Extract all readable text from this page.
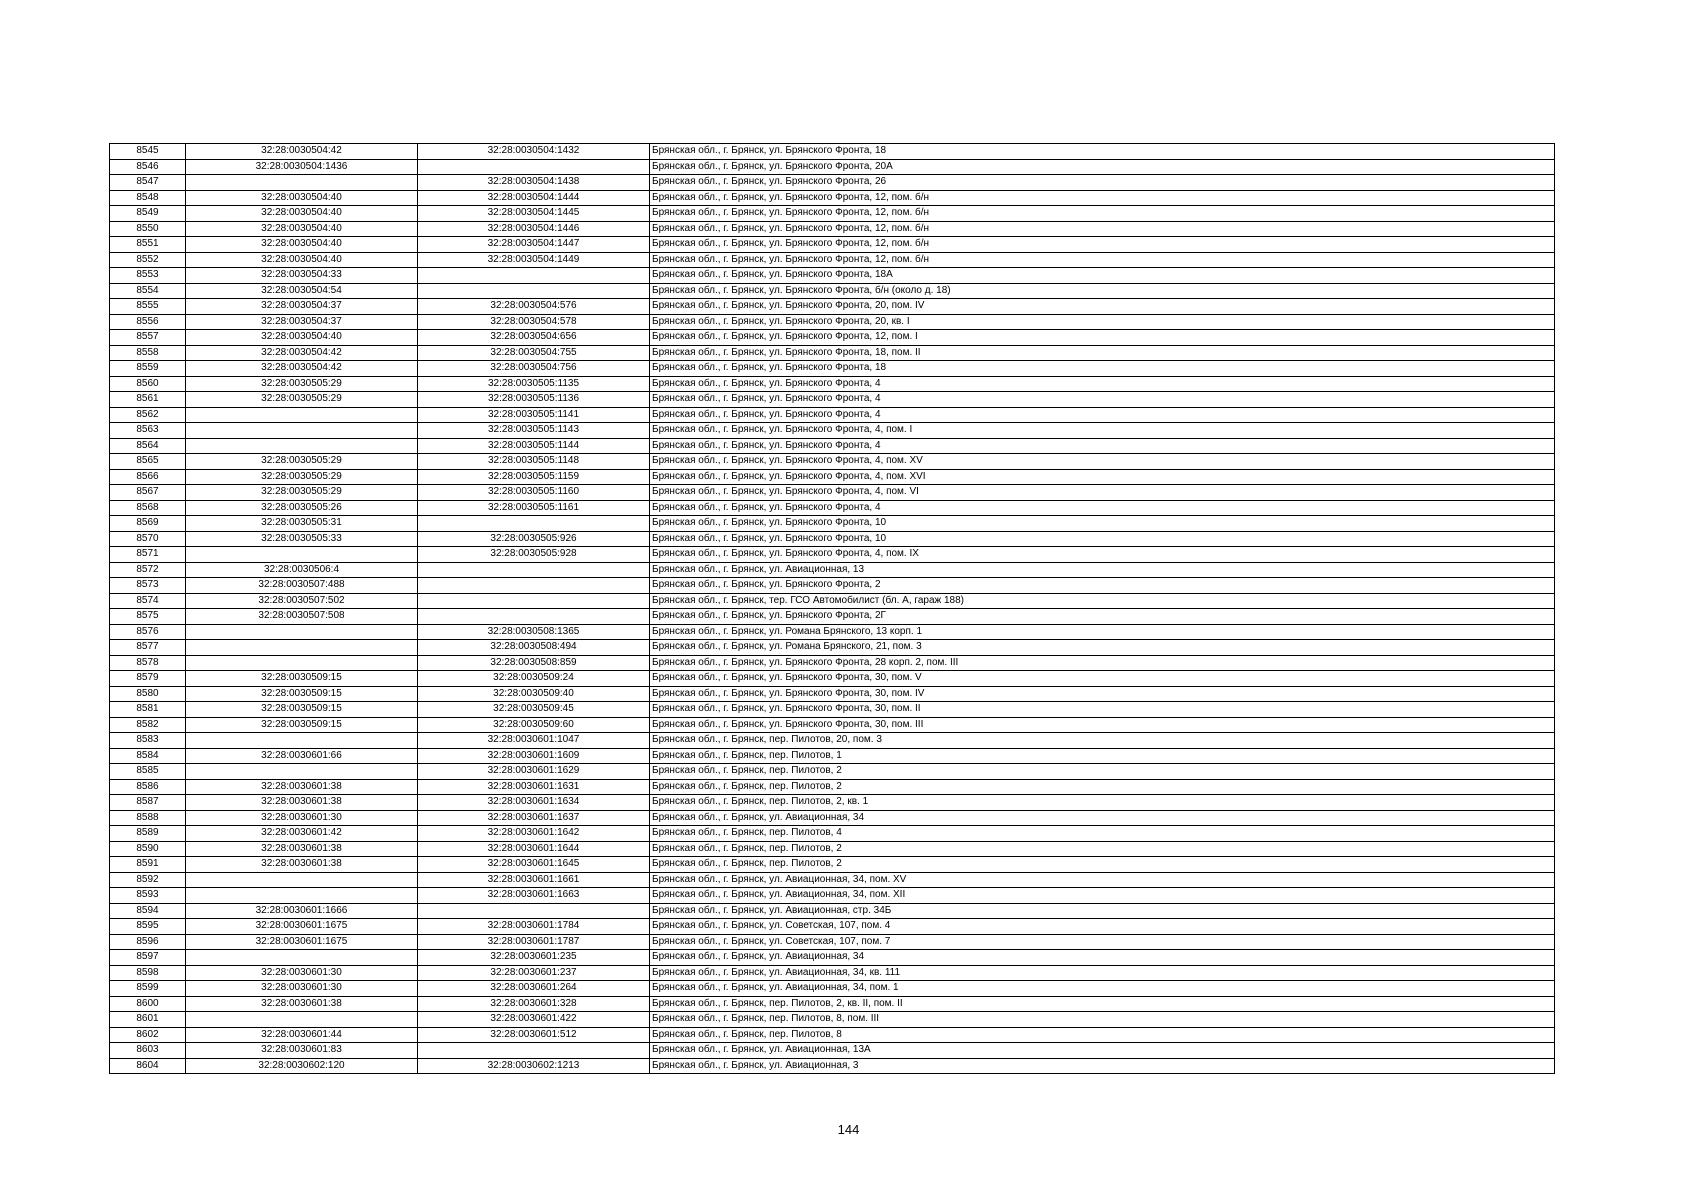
8545	32:28:0030504:42	32:28:0030504:1432	Брянская обл., г. Брянск, ул. Брянского Фронта, 18
8546	32:28:0030504:1436		Брянская обл., г. Брянск, ул. Брянского Фронта, 20А
8547		32:28:0030504:1438	Брянская обл., г. Брянск, ул. Брянского Фронта, 26
8548	32:28:0030504:40	32:28:0030504:1444	Брянская обл., г. Брянск, ул. Брянского Фронта, 12, пом. б/н
8549	32:28:0030504:40	32:28:0030504:1445	Брянская обл., г. Брянск, ул. Брянского Фронта, 12, пом. б/н
8550	32:28:0030504:40	32:28:0030504:1446	Брянская обл., г. Брянск, ул. Брянского Фронта, 12, пом. б/н
8551	32:28:0030504:40	32:28:0030504:1447	Брянская обл., г. Брянск, ул. Брянского Фронта, 12, пом. б/н
8552	32:28:0030504:40	32:28:0030504:1449	Брянская обл., г. Брянск, ул. Брянского Фронта, 12, пом. б/н
8553	32:28:0030504:33		Брянская обл., г. Брянск, ул. Брянского Фронта, 18А
8554	32:28:0030504:54		Брянская обл., г. Брянск, ул. Брянского Фронта, б/н (около д. 18)
8555	32:28:0030504:37	32:28:0030504:576	Брянская обл., г. Брянск, ул. Брянского Фронта, 20, пом. IV
8556	32:28:0030504:37	32:28:0030504:578	Брянская обл., г. Брянск, ул. Брянского Фронта, 20, кв. I
8557	32:28:0030504:40	32:28:0030504:656	Брянская обл., г. Брянск, ул. Брянского Фронта, 12, пом. I
8558	32:28:0030504:42	32:28:0030504:755	Брянская обл., г. Брянск, ул. Брянского Фронта, 18, пом. II
8559	32:28:0030504:42	32:28:0030504:756	Брянская обл., г. Брянск, ул. Брянского Фронта, 18
8560	32:28:0030505:29	32:28:0030505:1135	Брянская обл., г. Брянск, ул. Брянского Фронта, 4
8561	32:28:0030505:29	32:28:0030505:1136	Брянская обл., г. Брянск, ул. Брянского Фронта, 4
8562		32:28:0030505:1141	Брянская обл., г. Брянск, ул. Брянского Фронта, 4
8563		32:28:0030505:1143	Брянская обл., г. Брянск, ул. Брянского Фронта, 4, пом. I
8564		32:28:0030505:1144	Брянская обл., г. Брянск, ул. Брянского Фронта, 4
8565	32:28:0030505:29	32:28:0030505:1148	Брянская обл., г. Брянск, ул. Брянского Фронта, 4, пом. XV
8566	32:28:0030505:29	32:28:0030505:1159	Брянская обл., г. Брянск, ул. Брянского Фронта, 4, пом. XVI
8567	32:28:0030505:29	32:28:0030505:1160	Брянская обл., г. Брянск, ул. Брянского Фронта, 4, пом. VI
8568	32:28:0030505:26	32:28:0030505:1161	Брянская обл., г. Брянск, ул. Брянского Фронта, 4
8569	32:28:0030505:31		Брянская обл., г. Брянск, ул. Брянского Фронта, 10
8570	32:28:0030505:33	32:28:0030505:926	Брянская обл., г. Брянск, ул. Брянского Фронта, 10
8571		32:28:0030505:928	Брянская обл., г. Брянск, ул. Брянского Фронта, 4, пом. IX
8572	32:28:0030506:4		Брянская обл., г. Брянск, ул. Авиационная, 13
8573	32:28:0030507:488		Брянская обл., г. Брянск, ул. Брянского Фронта, 2
8574	32:28:0030507:502		Брянская обл., г. Брянск, тер. ГСО Автомобилист (бл. А, гараж 188)
8575	32:28:0030507:508		Брянская обл., г. Брянск, ул. Брянского Фронта, 2Г
8576		32:28:0030508:1365	Брянская обл., г. Брянск, ул. Романа Брянского, 13 корп. 1
8577		32:28:0030508:494	Брянская обл., г. Брянск, ул. Романа Брянского, 21, пом. 3
8578		32:28:0030508:859	Брянская обл., г. Брянск, ул. Брянского Фронта, 28 корп. 2, пом. III
8579	32:28:0030509:15	32:28:0030509:24	Брянская обл., г. Брянск, ул. Брянского Фронта, 30, пом. V
8580	32:28:0030509:15	32:28:0030509:40	Брянская обл., г. Брянск, ул. Брянского Фронта, 30, пом. IV
8581	32:28:0030509:15	32:28:0030509:45	Брянская обл., г. Брянск, ул. Брянского Фронта, 30, пом. II
8582	32:28:0030509:15	32:28:0030509:60	Брянская обл., г. Брянск, ул. Брянского Фронта, 30, пом. III
8583		32:28:0030601:1047	Брянская обл., г. Брянск, пер. Пилотов, 20, пом. 3
8584	32:28:0030601:66	32:28:0030601:1609	Брянская обл., г. Брянск, пер. Пилотов, 1
8585		32:28:0030601:1629	Брянская обл., г. Брянск, пер. Пилотов, 2
8586	32:28:0030601:38	32:28:0030601:1631	Брянская обл., г. Брянск, пер. Пилотов, 2
8587	32:28:0030601:38	32:28:0030601:1634	Брянская обл., г. Брянск, пер. Пилотов, 2, кв. 1
8588	32:28:0030601:30	32:28:0030601:1637	Брянская обл., г. Брянск, ул. Авиационная, 34
8589	32:28:0030601:42	32:28:0030601:1642	Брянская обл., г. Брянск, пер. Пилотов, 4
8590	32:28:0030601:38	32:28:0030601:1644	Брянская обл., г. Брянск, пер. Пилотов, 2
8591	32:28:0030601:38	32:28:0030601:1645	Брянская обл., г. Брянск, пер. Пилотов, 2
8592		32:28:0030601:1661	Брянская обл., г. Брянск, ул. Авиационная, 34, пом. XV
8593		32:28:0030601:1663	Брянская обл., г. Брянск, ул. Авиационная, 34, пом. XII
8594	32:28:0030601:1666		Брянская обл., г. Брянск, ул. Авиационная, стр. 34Б
8595	32:28:0030601:1675	32:28:0030601:1784	Брянская обл., г. Брянск, ул. Советская, 107, пом. 4
8596	32:28:0030601:1675	32:28:0030601:1787	Брянская обл., г. Брянск, ул. Советская, 107, пом. 7
8597		32:28:0030601:235	Брянская обл., г. Брянск, ул. Авиационная, 34
8598	32:28:0030601:30	32:28:0030601:237	Брянская обл., г. Брянск, ул. Авиационная, 34, кв. 111
8599	32:28:0030601:30	32:28:0030601:264	Брянская обл., г. Брянск, ул. Авиационная, 34, пом. 1
8600	32:28:0030601:38	32:28:0030601:328	Брянская обл., г. Брянск, пер. Пилотов, 2, кв. II, пом. II
8601		32:28:0030601:422	Брянская обл., г. Брянск, пер. Пилотов, 8, пом. III
8602	32:28:0030601:44	32:28:0030601:512	Брянская обл., г. Брянск, пер. Пилотов, 8
8603	32:28:0030601:83		Брянская обл., г. Брянск, ул. Авиационная, 13А
8604	32:28:0030602:120	32:28:0030602:1213	Брянская обл., г. Брянск, ул. Авиационная, 3
144
